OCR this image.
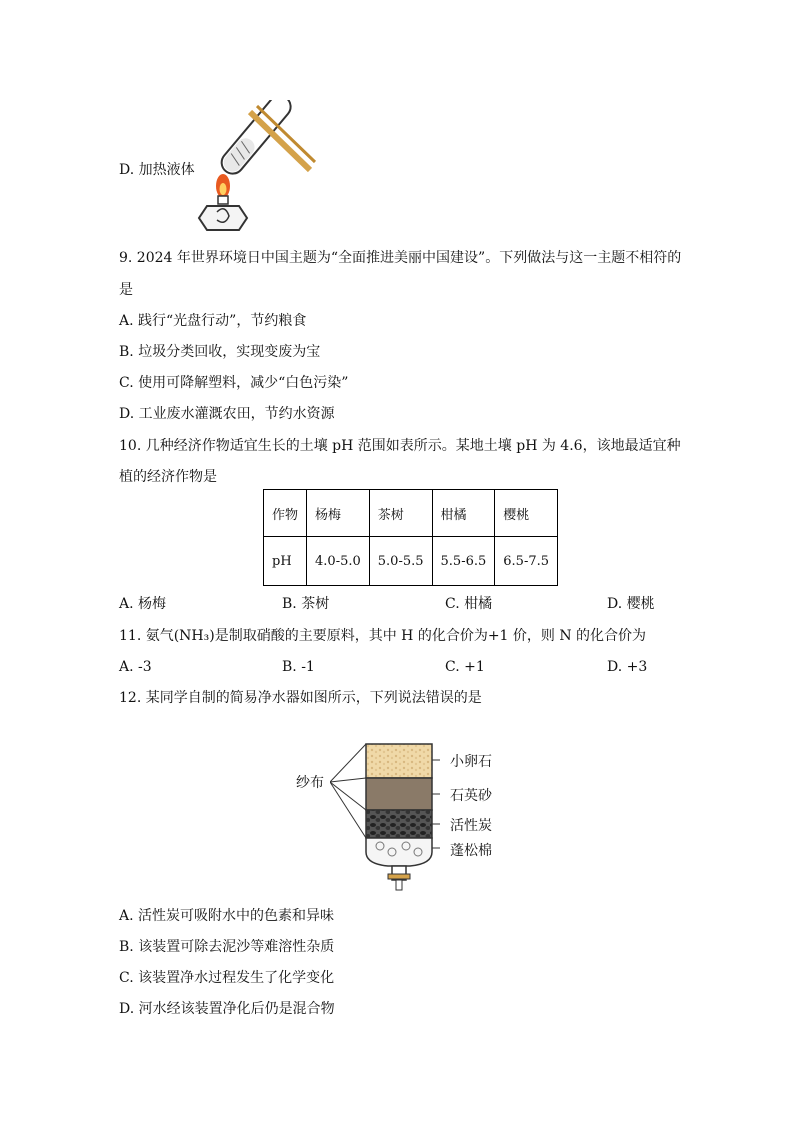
D. 加热液体
9. 2024 年世界环境日中国主题为“全面推进美丽中国建设”。下列做法与这一主题不相符的
是
A. 践行“光盘行动”，节约粮食
B. 垃圾分类回收，实现变废为宝
C. 使用可降解塑料，减少“白色污染”
D. 工业废水灌溉农田，节约水资源
10. 几种经济作物适宜生长的土壤 pH 范围如表所示。某地土壤 pH 为 4.6，该地最适宜种
植的经济作物是
作物	杨梅	茶树	柑橘	樱桃
pH	4.0-5.0	5.0-5.5	5.5-6.5	6.5-7.5
A. 杨梅	B. 茶树	C. 柑橘	D. 樱桃
11. 氨气(NH₃)是制取硝酸的主要原料，其中 H 的化合价为+1 价，则 N 的化合价为
A. -3	B. -1	C. +1	D. +3
12. 某同学自制的简易净水器如图所示，下列说法错误的是
纱布
小卵石
石英砂
活性炭
蓬松棉
A. 活性炭可吸附水中的色素和异味
B. 该装置可除去泥沙等难溶性杂质
C. 该装置净水过程发生了化学变化
D. 河水经该装置净化后仍是混合物
